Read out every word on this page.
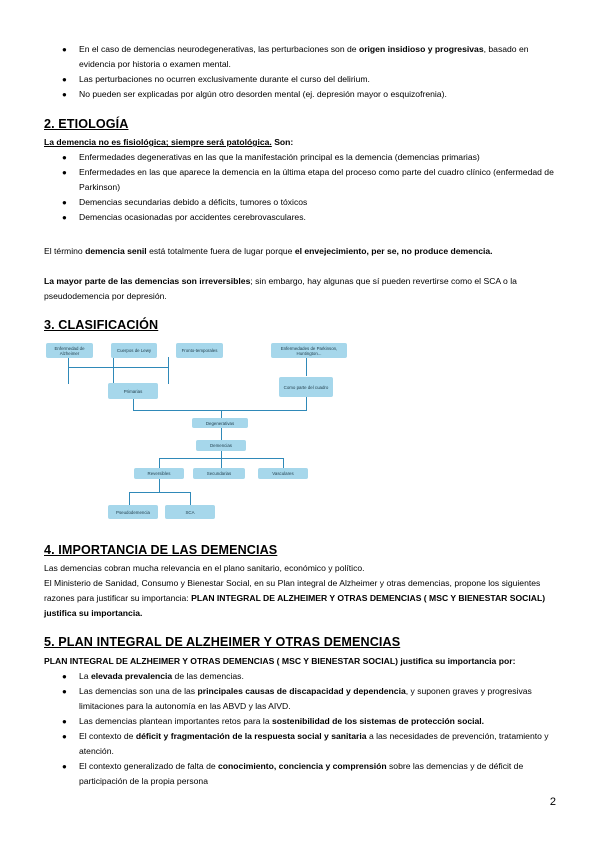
● En el caso de demencias neurodegenerativas, las perturbaciones son de origen insidioso y progresivas, basado en evidencia por historia o examen mental.
● Las perturbaciones no ocurren exclusivamente durante el curso del delirium.
● No pueden ser explicadas por algún otro desorden mental (ej. depresión mayor o esquizofrenia).
2. ETIOLOGÍA
La demencia no es fisiológica; siempre será patológica. Son:
● Enfermedades degenerativas en las que la manifestación principal es la demencia (demencias primarias)
● Enfermedades en las que aparece la demencia en la última etapa del proceso como parte del cuadro clínico (enfermedad de Parkinson)
● Demencias secundarias debido a déficits, tumores o tóxicos
● Demencias ocasionadas por accidentes cerebrovasculares.
El término demencia senil está totalmente fuera de lugar porque el envejecimiento, per se, no produce demencia.
La mayor parte de las demencias son irreversibles; sin embargo, hay algunas que sí pueden revertirse como el SCA o la pseudodemencia por depresión.
3. CLASIFICACIÓN
Enfermedad de Alzheimer	Cuerpos de Lewy	Fronto-temporales	Enfermedades de Parkinson, Huntington...
Primarias
Como parte del cuadro
Degenerativas
Demencias
Reversibles	Secundarias	Vasculares
Pseudodemencia	SCA
4. IMPORTANCIA DE LAS DEMENCIAS
Las demencias cobran mucha relevancia en el plano sanitario, económico y político.
El Ministerio de Sanidad, Consumo y Bienestar Social, en su Plan integral de Alzheimer y otras demencias, propone los siguientes razones para justificar su importancia: PLAN INTEGRAL DE ALZHEIMER Y OTRAS DEMENCIAS ( MSC Y BIENESTAR SOCIAL) justifica su importancia.
5. PLAN INTEGRAL DE ALZHEIMER Y OTRAS DEMENCIAS
PLAN INTEGRAL DE ALZHEIMER Y OTRAS DEMENCIAS ( MSC Y BIENESTAR SOCIAL) justifica su importancia por:
● La elevada prevalencia de las demencias.
● Las demencias son una de las principales causas de discapacidad y dependencia, y suponen graves y progresivas limitaciones para la autonomía en las ABVD y las AIVD.
● Las demencias plantean importantes retos para la sostenibilidad de los sistemas de protección social.
● El contexto de déficit y fragmentación de la respuesta social y sanitaria a las necesidades de prevención, tratamiento y atención.
● El contexto generalizado de falta de conocimiento, conciencia y comprensión sobre las demencias y de déficit de participación de la propia persona
2
